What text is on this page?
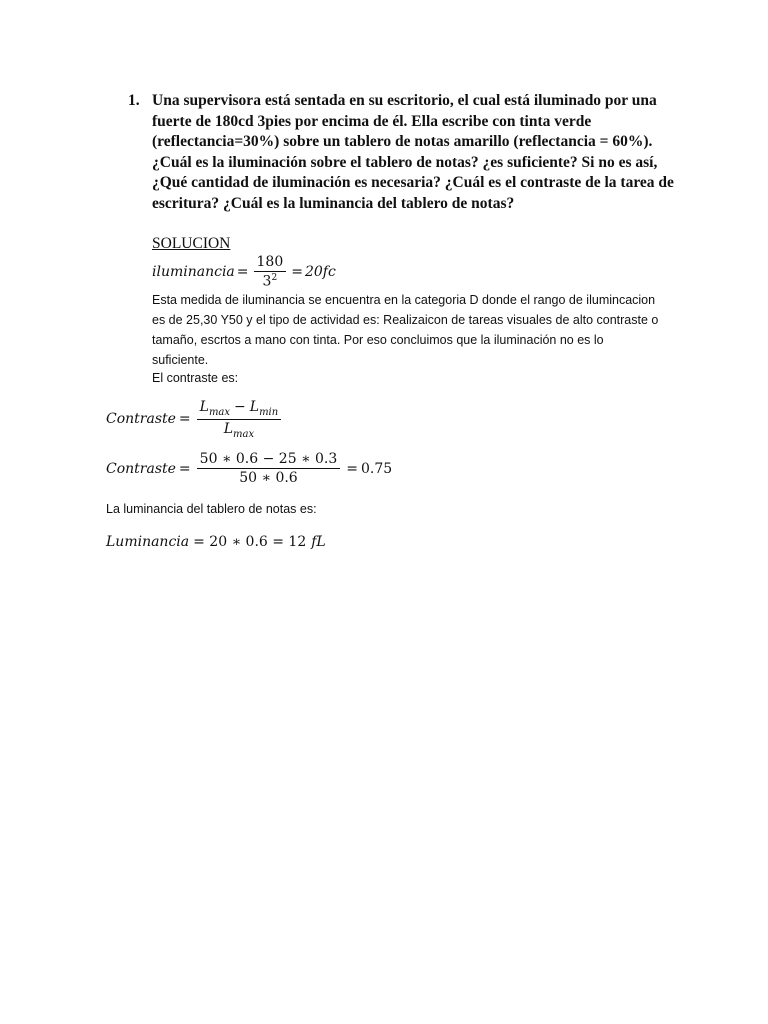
1. Una supervisora está sentada en su escritorio, el cual está iluminado por una
fuerte de 180cd 3pies por encima de él. Ella escribe con tinta verde
(reflectancia=30%) sobre un tablero de notas amarillo (reflectancia = 60%).
¿Cuál es la iluminación sobre el tablero de notas? ¿es suficiente? Si no es así,
¿Qué cantidad de iluminación es necesaria? ¿Cuál es el contraste de la tarea de
escritura? ¿Cuál es la luminancia del tablero de notas?
SOLUCION
iluminancia = $\frac{180}{3^2} = 20fc$
Esta medida de iluminancia se encuentra en la categoria D donde el rango de ilumincacion
es de 25,30 Y50 y el tipo de actividad es: Realizaicon de tareas visuales de alto contraste o
tamaño, escrtos a mano con tinta. Por eso concluimos que la iluminación no es lo
suficiente.
El contraste es:
Contraste = $\frac{L_{max} - L_{min}}{L_{max}}$
Contraste = $\frac{50 ∗ 0.6 - 25 ∗ 0.3}{50 ∗ 0.6} = 0.75$
La luminancia del tablero de notas es:
Luminancia = 20 ∗ 0.6 = 12 fL
